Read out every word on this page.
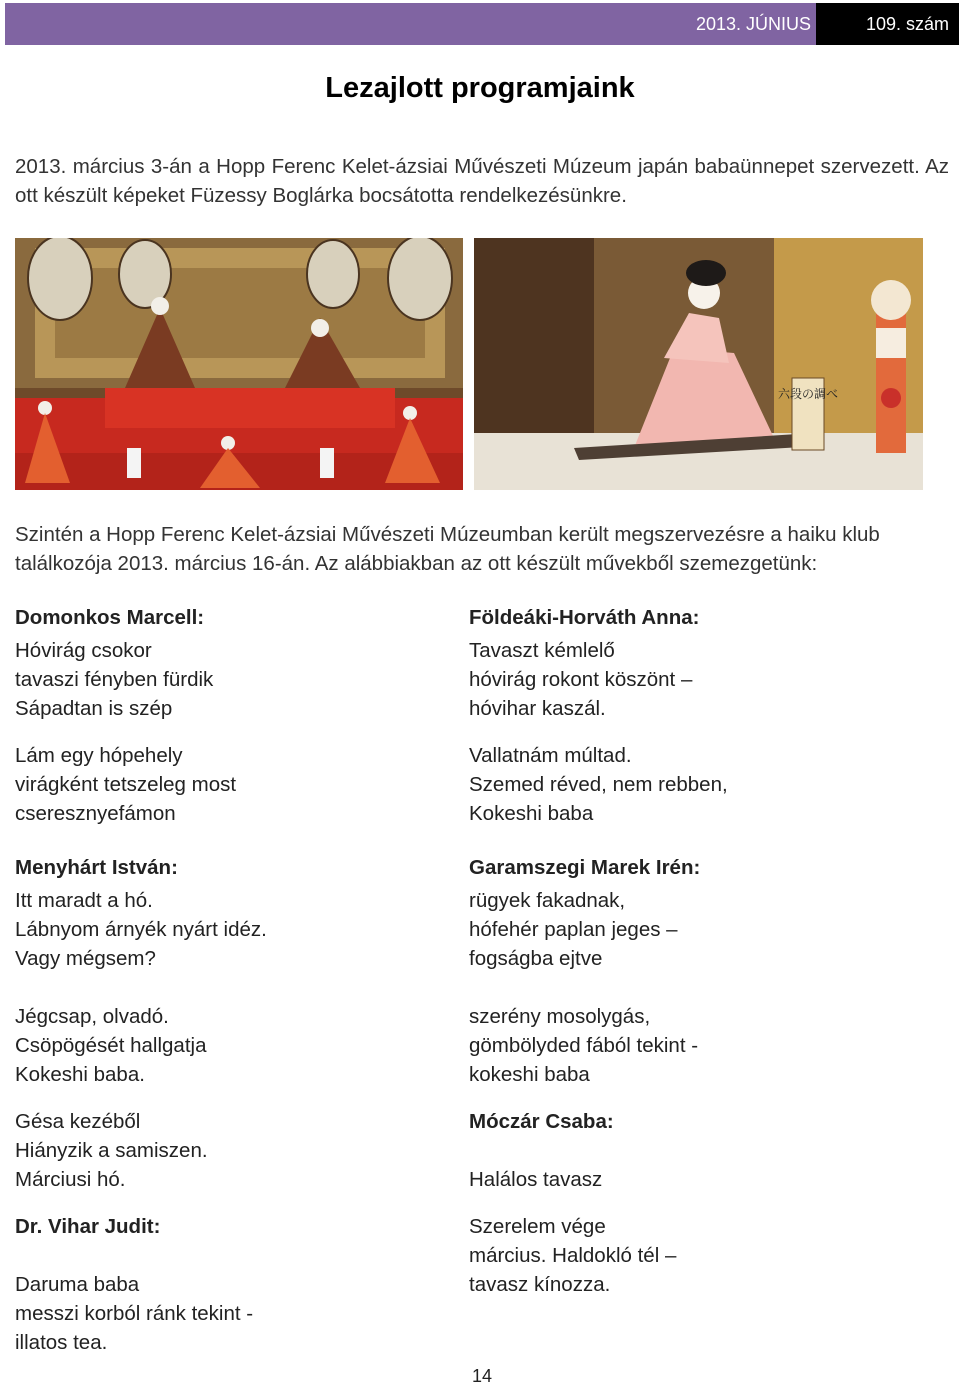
2013. JÚNIUS	109. szám
Lezajlott programjaink

2013. március 3-án a Hopp Ferenc Kelet-ázsiai Művészeti Múzeum japán babaünnepet szervezett. Az ott készült képeket Füzessy Boglárka bocsátotta rendelkezésünkre.

六段の調べ

Szintén a Hopp Ferenc Kelet-ázsiai Művészeti Múzeumban került megszervezésre a haiku klub találkozója 2013. március 16-án. Az alábbiakban az ott készült művekből szemezgetünk:

Domonkos Marcell:
Hóvirág csokor
tavaszi fényben fürdik
Sápadtan is szép
Lám egy hópehely
virágként tetszeleg most
cseresznyefámon
Menyhárt István:
Itt maradt a hó.
Lábnyom árnyék nyárt idéz.
Vagy mégsem?
Jégcsap, olvadó.
Csöpögését hallgatja
Kokeshi baba.
Gésa kezéből
Hiányzik a samiszen.
Márciusi hó.
Dr. Vihar Judit:
Daruma baba
messzi korból ránk tekint -
illatos tea.
Földeáki-Horváth Anna:
Tavaszt kémlelő
hóvirág rokont köszönt –
hóvihar kaszál.
Vallatnám múltad.
Szemed réved, nem rebben,
Kokeshi baba
Garamszegi Marek Irén:
rügyek fakadnak,
hófehér paplan jeges –
fogságba ejtve
szerény mosolygás,
gömbölyded fából tekint -
kokeshi baba
Móczár Csaba:
Halálos tavasz
Szerelem vége
március. Haldokló tél –
tavasz kínozza.
14
